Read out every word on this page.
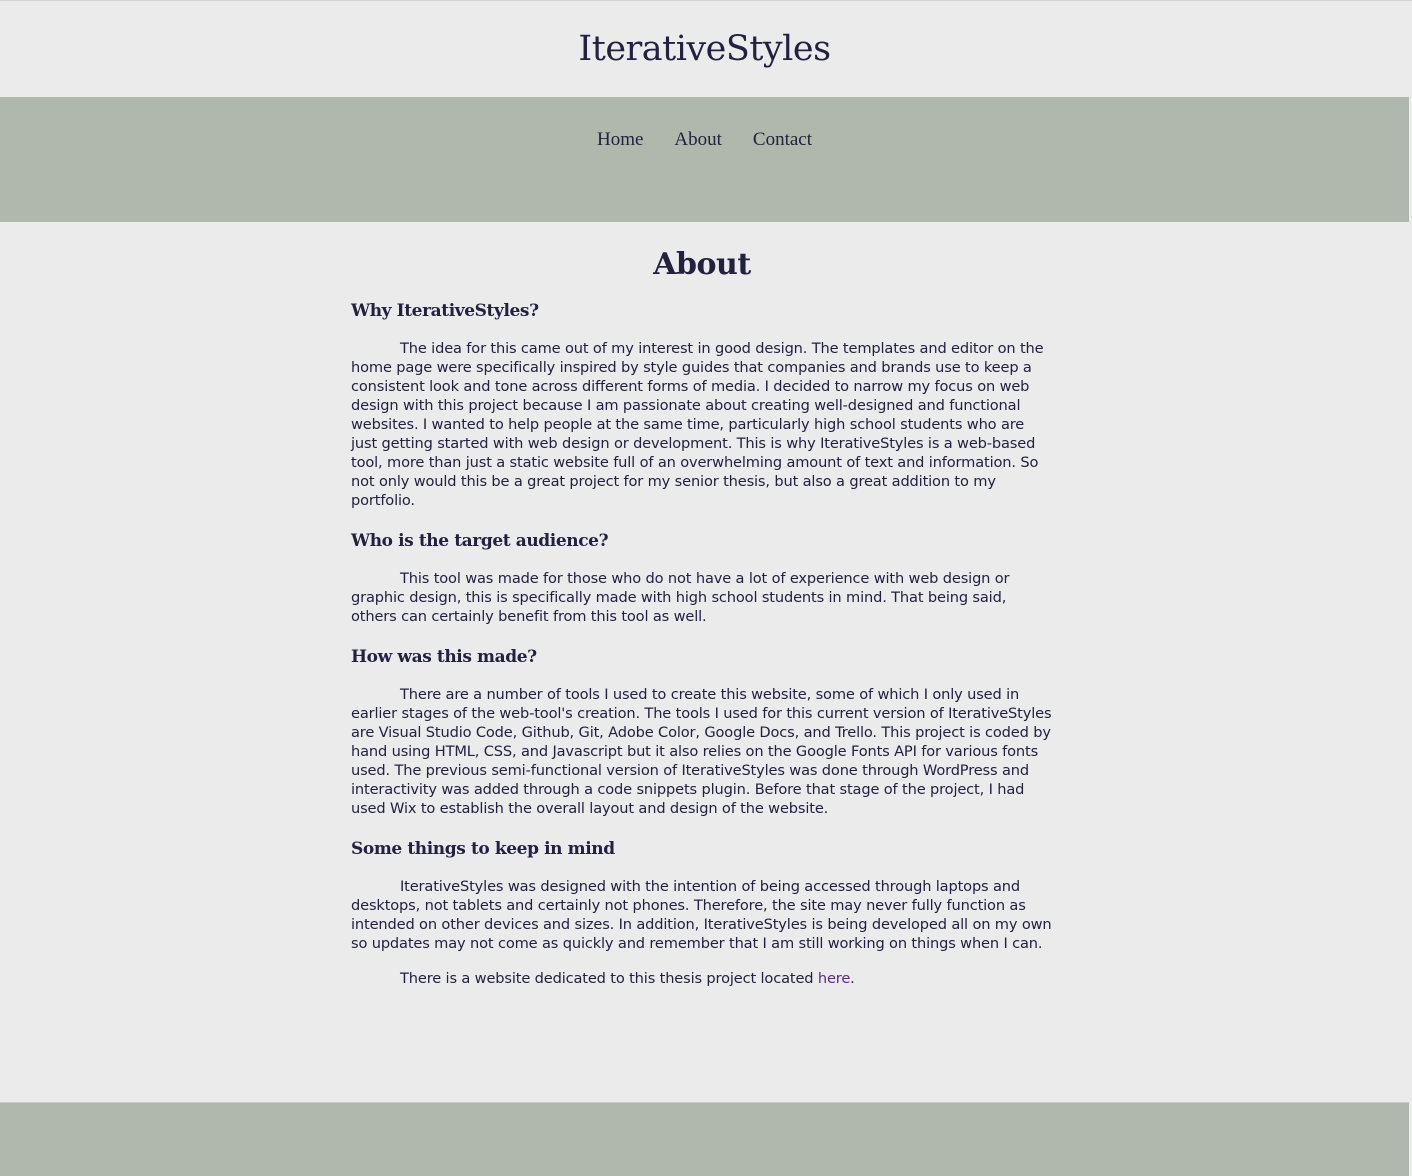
IterativeStyles
Home	About	Contact
About
Why IterativeStyles?

The idea for this came out of my interest in good design. The templates and editor on the home page were specifically inspired by style guides that companies and brands use to keep a consistent look and tone across different forms of media. I decided to narrow my focus on web design with this project because I am passionate about creating well-designed and functional websites. I wanted to help people at the same time, particularly high school students who are just getting started with web design or development. This is why IterativeStyles is a web-based tool, more than just a static website full of an overwhelming amount of text and information. So not only would this be a great project for my senior thesis, but also a great addition to my portfolio.

Who is the target audience?

This tool was made for those who do not have a lot of experience with web design or graphic design, this is specifically made with high school students in mind. That being said, others can certainly benefit from this tool as well.

How was this made?

There are a number of tools I used to create this website, some of which I only used in earlier stages of the web-tool's creation. The tools I used for this current version of IterativeStyles are Visual Studio Code, Github, Git, Adobe Color, Google Docs, and Trello. This project is coded by hand using HTML, CSS, and Javascript but it also relies on the Google Fonts API for various fonts used. The previous semi-functional version of IterativeStyles was done through WordPress and interactivity was added through a code snippets plugin. Before that stage of the project, I had used Wix to establish the overall layout and design of the website.

Some things to keep in mind

IterativeStyles was designed with the intention of being accessed through laptops and desktops, not tablets and certainly not phones. Therefore, the site may never fully function as intended on other devices and sizes. In addition, IterativeStyles is being developed all on my own so updates may not come as quickly and remember that I am still working on things when I can.

There is a website dedicated to this thesis project located here.
